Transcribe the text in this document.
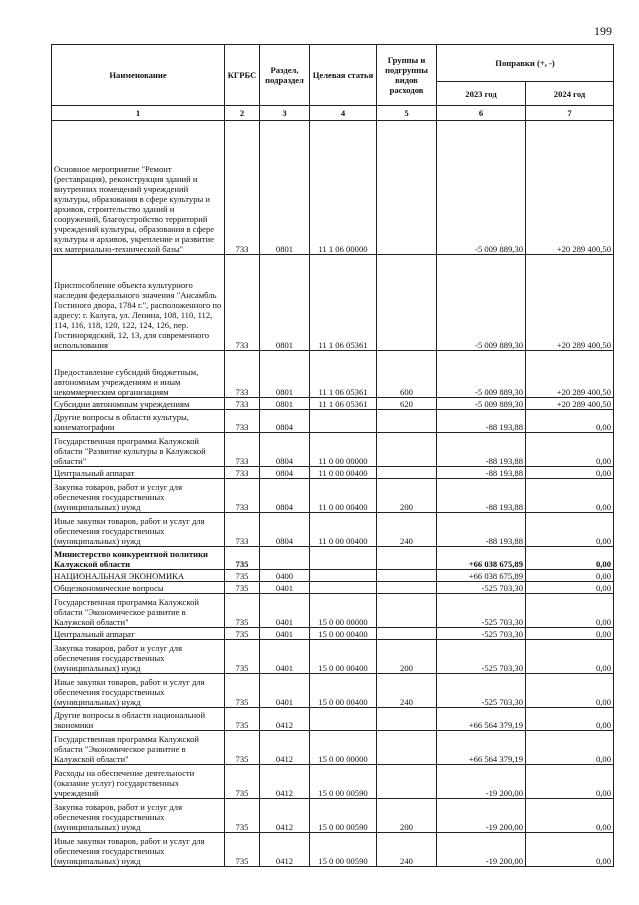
199
Наименование	КГРБС	Раздел, подраздел	Целевая статья	Группы и подгруппы видов расходов	Поправки (+, -)	
					2023 год	2024 год
1	2	3	4	5	6	7
Основное мероприятие "Ремонт (реставрация), реконструкция зданий и внутренних помещений учреждений культуры, образования в сфере культуры и архивов, строительство зданий и сооружений, благоустройство территорий учреждений культуры, образования в сфере культуры и архивов, укрепление и развитие их материально-технической базы"	733	0801	11 1 06 00000		-5 009 889,30	+20 289 400,50
Приспособление объекта культурного наследия федерального значения "Ансамбль Гостиного двора, 1784 г.", расположенного по адресу: г. Калуга, ул. Ленина, 108, 110, 112, 114, 116, 118, 120, 122, 124, 126, пер. Гостинорядский, 12, 13, для современного использования	733	0801	11 1 06 05361		-5 009 889,30	+20 289 400,50
Предоставление субсидий бюджетным, автономным учреждениям и иным некоммерческим организациям	733	0801	11 1 06 05361	600	-5 009 889,30	+20 289 400,50
Субсидии автономным учреждениям	733	0801	11 1 06 05361	620	-5 009 889,30	+20 289 400,50
Другие вопросы в области культуры, кинематографии	733	0804			-88 193,88	0,00
Государственная программа Калужской области "Развитие культуры в Калужской области"	733	0804	11 0 00 00000		-88 193,88	0,00
Центральный аппарат	733	0804	11 0 00 00400		-88 193,88	0,00
Закупка товаров, работ и услуг для обеспечения государственных (муниципальных) нужд	733	0804	11 0 00 00400	200	-88 193,88	0,00
Иные закупки товаров, работ и услуг для обеспечения государственных (муниципальных) нужд	733	0804	11 0 00 00400	240	-88 193,88	0,00
Министерство конкурентной политики Калужской области	735				+66 038 675,89	0,00
НАЦИОНАЛЬНАЯ ЭКОНОМИКА	735	0400			+66 038 675,89	0,00
Общеэкономические вопросы	735	0401			-525 703,30	0,00
Государственная программа Калужской области "Экономическое развитие в Калужской области"	735	0401	15 0 00 00000		-525 703,30	0,00
Центральный аппарат	735	0401	15 0 00 00400		-525 703,30	0,00
Закупка товаров, работ и услуг для обеспечения государственных (муниципальных) нужд	735	0401	15 0 00 00400	200	-525 703,30	0,00
Иные закупки товаров, работ и услуг для обеспечения государственных (муниципальных) нужд	735	0401	15 0 00 00400	240	-525 703,30	0,00
Другие вопросы в области национальной экономики	735	0412			+66 564 379,19	0,00
Государственная программа Калужской области "Экономическое развитие в Калужской области"	735	0412	15 0 00 00000		+66 564 379,19	0,00
Расходы на обеспечение деятельности (оказание услуг) государственных учреждений	735	0412	15 0 00 00590		-19 200,00	0,00
Закупка товаров, работ и услуг для обеспечения государственных (муниципальных) нужд	735	0412	15 0 00 00590	200	-19 200,00	0,00
Иные закупки товаров, работ и услуг для обеспечения государственных (муниципальных) нужд	735	0412	15 0 00 00590	240	-19 200,00	0,00
